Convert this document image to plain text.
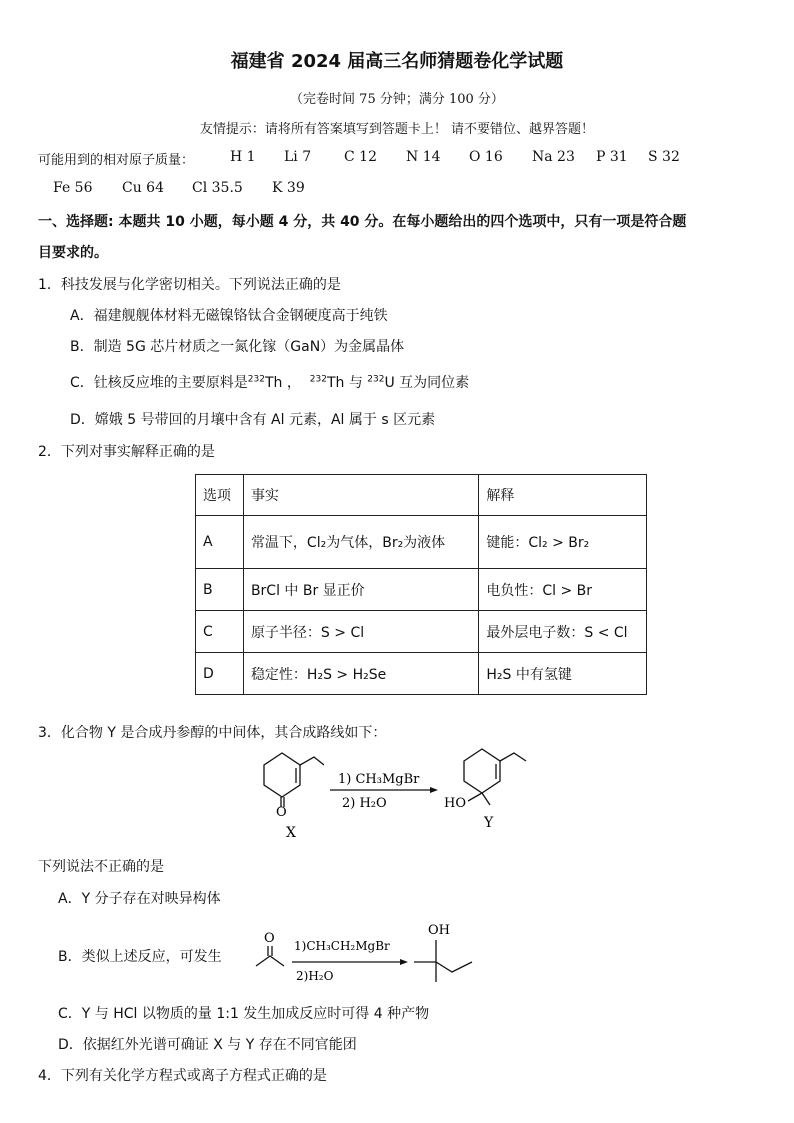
福建省 2024 届高三名师猜题卷化学试题
（完卷时间 75 分钟；满分 100 分）
友情提示：请将所有答案填写到答题卡上！ 请不要错位、越界答题！
可能用到的相对原子质量：	H 1 Li 7 C 12 N 14 O 16 Na 23 P 31 S 32
Fe 56 Cu 64 Cl 35.5 K 39
一、选择题: 本题共 10 小题，每小题 4 分，共 40 分。在每小题给出的四个选项中，只有一项是符合题
目要求的。
1．科技发展与化学密切相关。下列说法正确的是
A．福建舰舰体材料无磁镍铬钛合金钢硬度高于纯铁
B．制造 5G 芯片材质之一氮化镓（GaN）为金属晶体
C．钍核反应堆的主要原料是$^{232}$Th ， $^{232}$Th 与 $^{232}$U 互为同位素
D．嫦娥 5 号带回的月壤中含有 Al 元素，Al 属于 s 区元素
2．下列对事实解释正确的是
选项	事实	解释
A	常温下，Cl₂为气体，Br₂为液体	键能：Cl₂ > Br₂
B	BrCl 中 Br 显正价	电负性：Cl > Br
C	原子半径：S > Cl	最外层电子数：S < Cl
D	稳定性：H₂S > H₂Se	H₂S 中有氢键
3．化合物 Y 是合成丹参醇的中间体，其合成路线如下：
O
X
1) CH₃MgBr
2) H₂O	HO
Y
下列说法不正确的是
A．Y 分子存在对映异构体
B．类似上述反应，可发生
O 1)CH₃CH₂MgBr
2)H₂O
OH
C．Y 与 HCl 以物质的量 1:1 发生加成反应时可得 4 种产物
D．依据红外光谱可确证 X 与 Y 存在不同官能团
4．下列有关化学方程式或离子方程式正确的是
